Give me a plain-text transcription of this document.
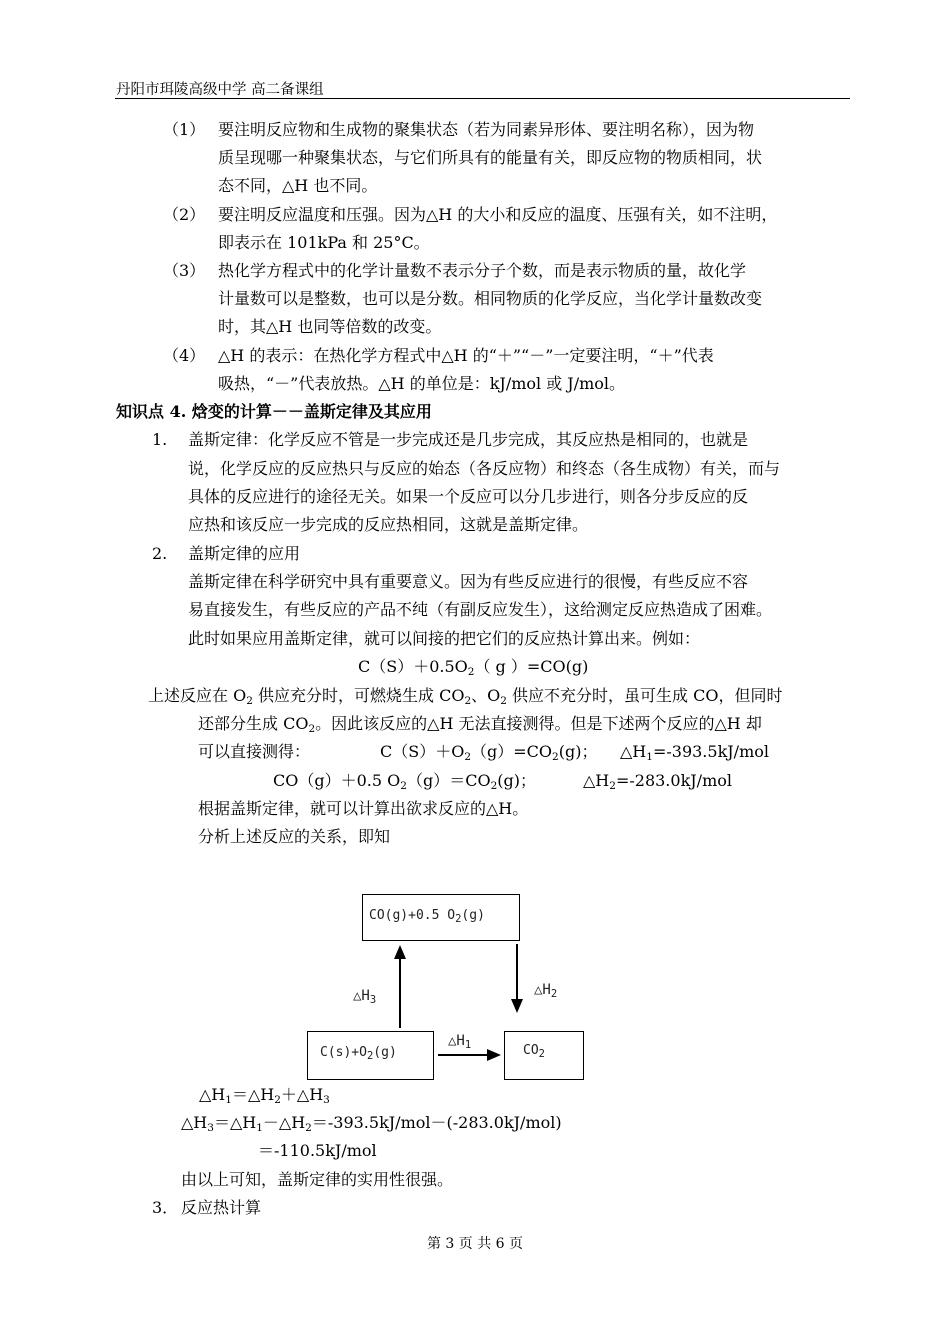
丹阳市珥陵高级中学 高二备课组
（1） 要注明反应物和生成物的聚集状态（若为同素异形体、要注明名称），因为物
质呈现哪一种聚集状态，与它们所具有的能量有关，即反应物的物质相同，状
态不同，△H 也不同。
（2） 要注明反应温度和压强。因为△H 的大小和反应的温度、压强有关，如不注明，
即表示在 101kPa 和 25°C。
（3） 热化学方程式中的化学计量数不表示分子个数，而是表示物质的量，故化学
计量数可以是整数，也可以是分数。相同物质的化学反应，当化学计量数改变
时，其△H 也同等倍数的改变。
（4） △H 的表示：在热化学方程式中△H 的“＋”“－”一定要注明，“＋”代表
吸热，“－”代表放热。△H 的单位是：kJ/mol 或 J/mol。
知识点 4. 焓变的计算－－盖斯定律及其应用
1. 盖斯定律：化学反应不管是一步完成还是几步完成，其反应热是相同的，也就是
说，化学反应的反应热只与反应的始态（各反应物）和终态（各生成物）有关，而与
具体的反应进行的途径无关。如果一个反应可以分几步进行，则各分步反应的反
应热和该反应一步完成的反应热相同，这就是盖斯定律。
2. 盖斯定律的应用
盖斯定律在科学研究中具有重要意义。因为有些反应进行的很慢，有些反应不容
易直接发生，有些反应的产品不纯（有副反应发生），这给测定反应热造成了困难。
此时如果应用盖斯定律，就可以间接的把它们的反应热计算出来。例如：
$C(S)+0.5O_2$（ g ）=CO(g)
上述反应在 $O_2$ 供应充分时，可燃烧生成 $CO_2$、$O_2$ 供应不充分时，虽可生成 CO，但同时
还部分生成 $CO_2$。因此该反应的△H 无法直接测得。但是下述两个反应的△H 却
可以直接测得：	$C(S)+O_2(g)=CO_2(g)$； $\triangle H_1=-393.5kJ$/mol
CO（g）＋0.5 $O_2(g)=CO_2(g)$；	$\triangle H_2=-283.0kJ$/mol
根据盖斯定律，就可以计算出欲求反应的△H。
分析上述反应的关系，即知
CO(g)+0.5 $O_2(g)$
$C(s)+O_2(g)$	$CO_2$
$\triangle H_3$
$\triangle H_2$
$\triangle H_1$
$\triangle H_1=\triangle H_2+\triangle H_3$
$\triangle H_3=\triangle H_1-\triangle H_2=-393.5kJ/mol-(-283.0kJ/mol)$
＝-110.5kJ/mol
由以上可知，盖斯定律的实用性很强。
3． 反应热计算
第 3 页 共 6 页
